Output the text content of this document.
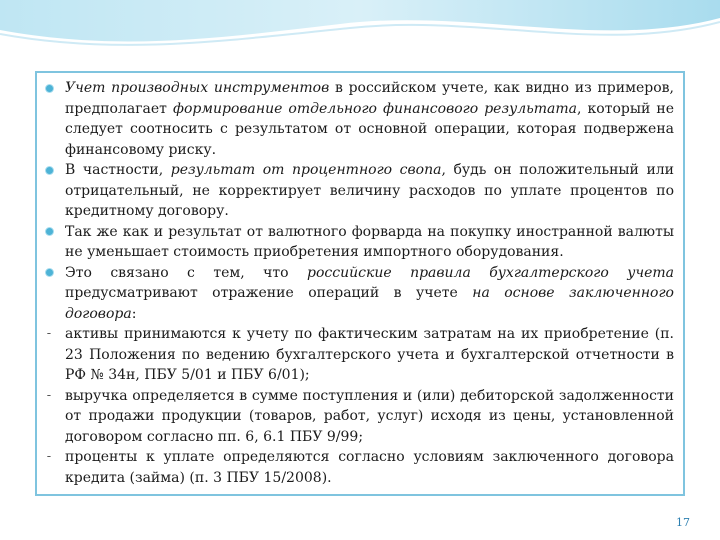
Учет производных инструментов в российском учете, как видно из примеров, предполагает формирование отдельного финансового результата, который не следует соотносить с результатом от основной операции, которая подвержена финансовому риску.
В частности, результат от процентного свопа, будь он положительный или отрицательный, не корректирует величину расходов по уплате процентов по кредитному договору.
Так же как и результат от валютного форварда на покупку иностранной валюты не уменьшает стоимость приобретения импортного оборудования.
Это связано с тем, что российские правила бухгалтерского учета предусматривают отражение операций в учете на основе заключенного договора:
- активы принимаются к учету по фактическим затратам на их приобретение (п. 23 Положения по ведению бухгалтерского учета и бухгалтерской отчетности в РФ № 34н, ПБУ 5/01 и ПБУ 6/01);
- выручка определяется в сумме поступления и (или) дебиторской задолженности от продажи продукции (товаров, работ, услуг) исходя из цены, установленной договором согласно пп. 6, 6.1 ПБУ 9/99;
- проценты к уплате определяются согласно условиям заключенного договора кредита (займа) (п. 3 ПБУ 15/2008).
17
